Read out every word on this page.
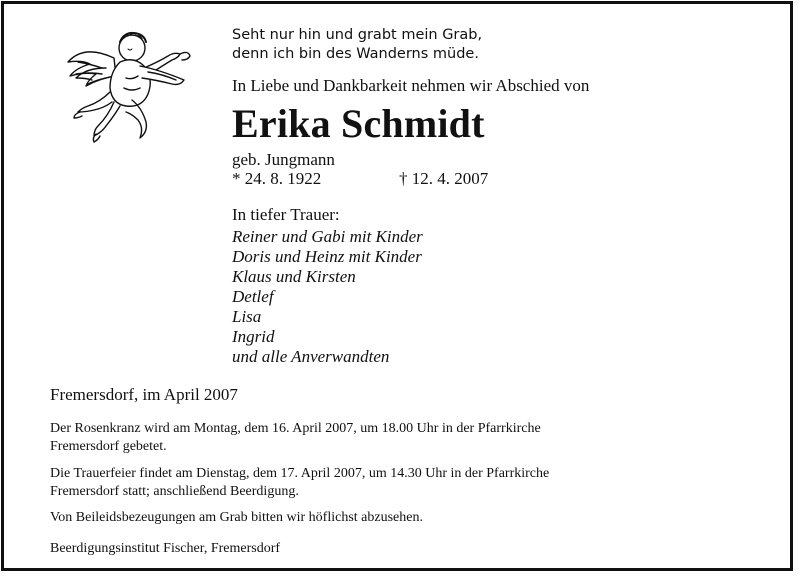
Seht nur hin und grabt mein Grab,
denn ich bin des Wanderns müde.
In Liebe und Dankbarkeit nehmen wir Abschied von
Erika Schmidt
geb. Jungmann
* 24. 8. 1922	† 12. 4. 2007
In tiefer Trauer:
Reiner und Gabi mit Kinder
Doris und Heinz mit Kinder
Klaus und Kirsten
Detlef
Lisa
Ingrid
und alle Anverwandten
Fremersdorf, im April 2007
Der Rosenkranz wird am Montag, dem 16. April 2007, um 18.00 Uhr in der Pfarrkirche
Fremersdorf gebetet.
Die Trauerfeier findet am Dienstag, dem 17. April 2007, um 14.30 Uhr in der Pfarrkirche
Fremersdorf statt; anschließend Beerdigung.
Von Beileidsbezeugungen am Grab bitten wir höflichst abzusehen.
Beerdigungsinstitut Fischer, Fremersdorf
